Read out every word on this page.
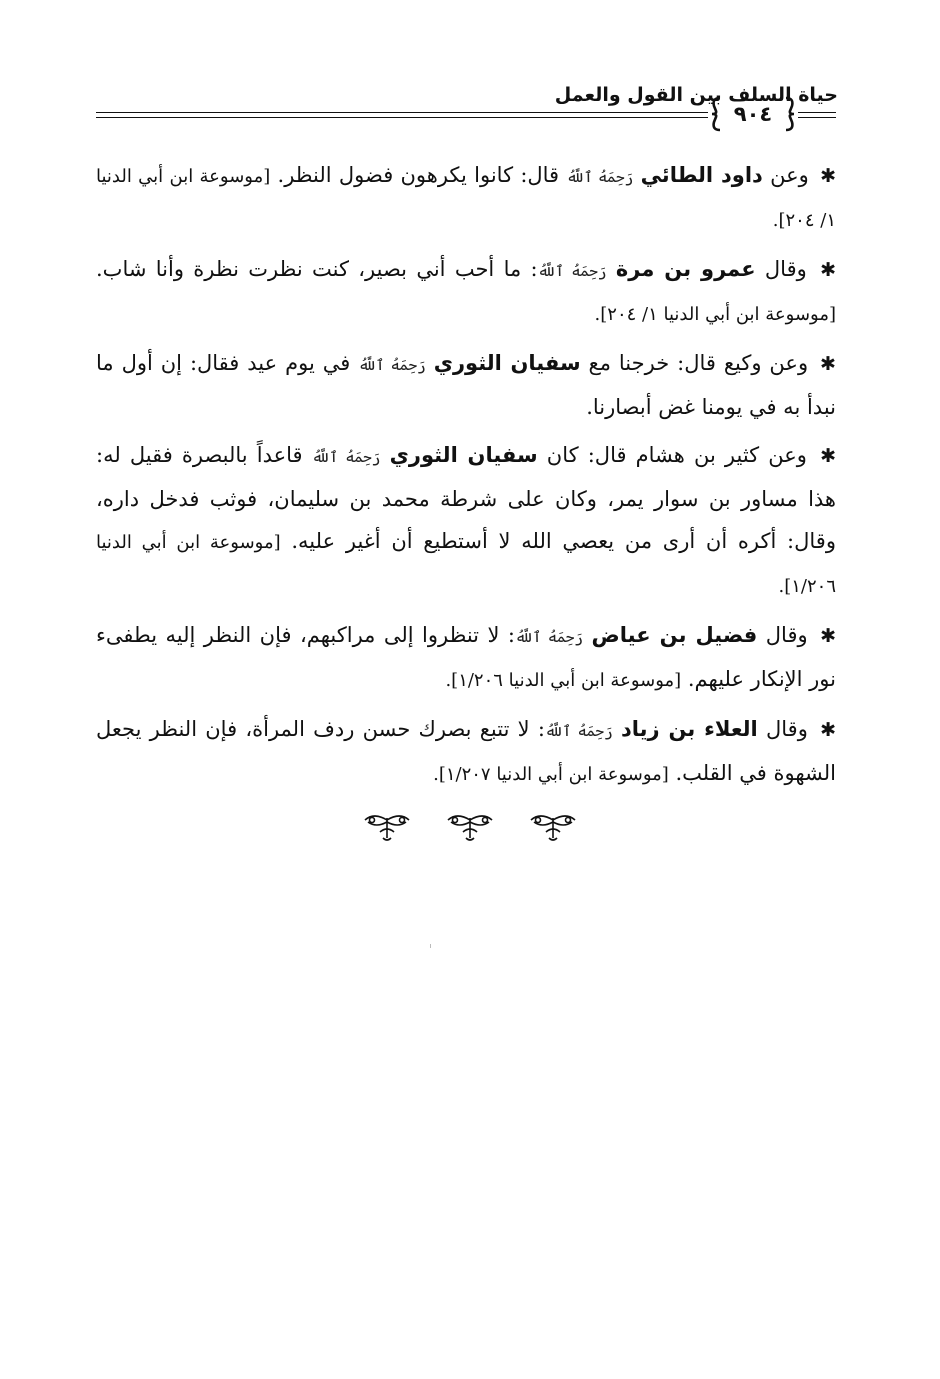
حياة السلف بين القول والعمل
٩٠٤

✱ وعن داود الطائي رَحِمَهُ ٱللَّهُ قال: كانوا يكرهون فضول النظر. [موسوعة ابن أبي الدنيا ١/ ٢٠٤].

✱ وقال عمرو بن مرة رَحِمَهُ ٱللَّهُ: ما أحب أني بصير، كنت نظرت نظرة وأنا شاب. [موسوعة ابن أبي الدنيا ١/ ٢٠٤].

✱ وعن وكيع قال: خرجنا مع سفيان الثوري رَحِمَهُ ٱللَّهُ في يوم عيد فقال: إن أول ما نبدأ به في يومنا غض أبصارنا.

✱ وعن كثير بن هشام قال: كان سفيان الثوري رَحِمَهُ ٱللَّهُ قاعداً بالبصرة فقيل له: هذا مساور بن سوار يمر، وكان على شرطة محمد بن سليمان، فوثب فدخل داره، وقال: أكره أن أرى من يعصي الله لا أستطيع أن أغير عليه. [موسوعة ابن أبي الدنيا ١/٢٠٦].

✱ وقال فضيل بن عياض رَحِمَهُ ٱللَّهُ: لا تنظروا إلى مراكبهم، فإن النظر إليه يطفىء نور الإنكار عليهم. [موسوعة ابن أبي الدنيا ١/٢٠٦].

✱ وقال العلاء بن زياد رَحِمَهُ ٱللَّهُ: لا تتبع بصرك حسن ردف المرأة، فإن النظر يجعل الشهوة في القلب. [موسوعة ابن أبي الدنيا ١/٢٠٧].
